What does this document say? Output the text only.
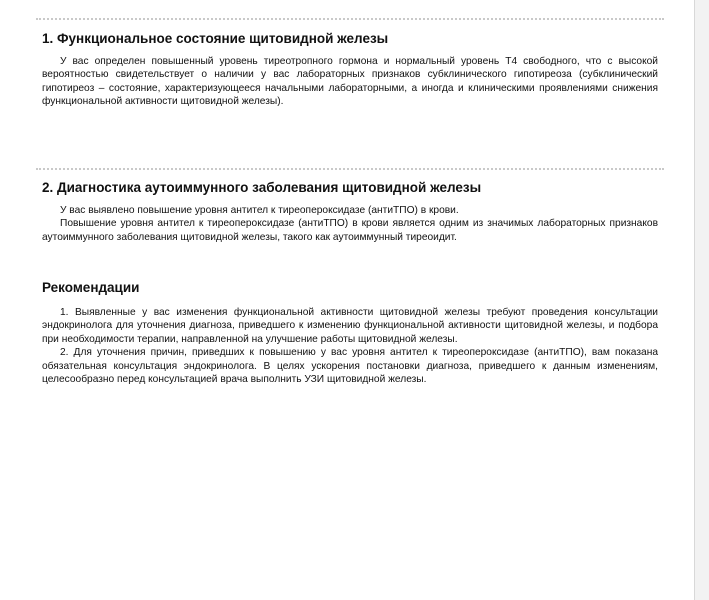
1. Функциональное состояние щитовидной железы

У вас определен повышенный уровень тиреотропного гормона и нормальный уровень Т4 свободного, что с высокой вероятностью свидетельствует о наличии у вас лабораторных признаков субклинического гипотиреоза (субклинический гипотиреоз – состояние, характеризующееся начальными лабораторными, а иногда и клиническими проявлениями снижения функциональной активности щитовидной железы).

2. Диагностика аутоиммунного заболевания щитовидной железы

У вас выявлено повышение уровня антител к тиреопероксидазе (антиТПО) в крови.

Повышение уровня антител к тиреопероксидазе (антиТПО) в крови является одним из значимых лабораторных признаков аутоиммунного заболевания щитовидной железы, такого как аутоиммунный тиреоидит.

Рекомендации

1. Выявленные у вас изменения функциональной активности щитовидной железы требуют проведения консультации эндокринолога для уточнения диагноза, приведшего к изменению функциональной активности щитовидной железы, и подбора при необходимости терапии, направленной на улучшение работы щитовидной железы.

2. Для уточнения причин, приведших к повышению у вас уровня антител к тиреопероксидазе (антиТПО), вам показана обязательная консультация эндокринолога. В целях ускорения постановки диагноза, приведшего к данным изменениям, целесообразно перед консультацией врача выполнить УЗИ щитовидной железы.
